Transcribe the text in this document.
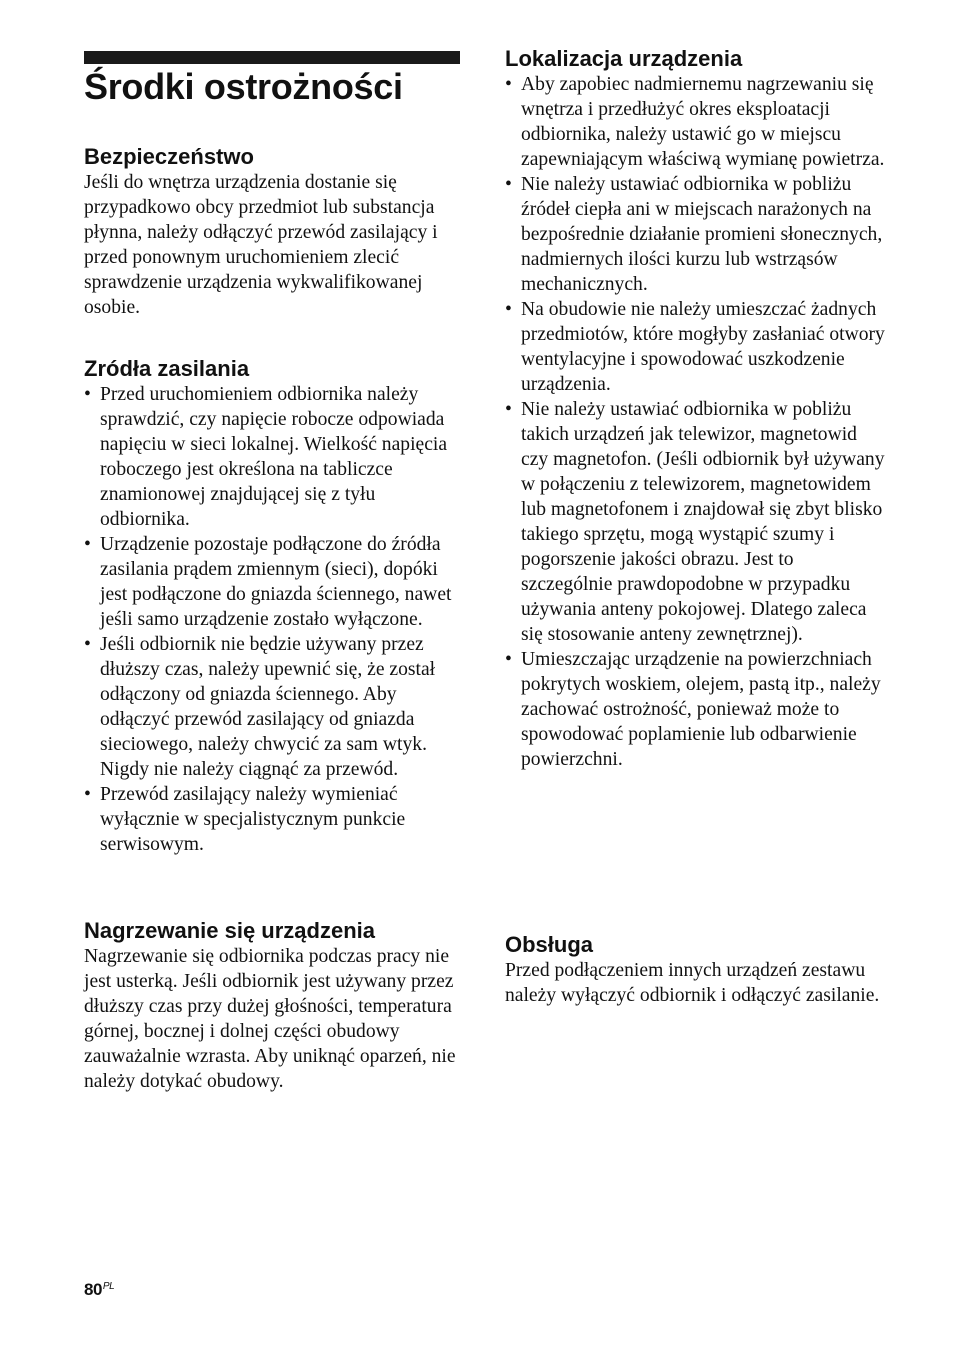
Środki ostrożności
Bezpieczeństwo

Jeśli do wnętrza urządzenia dostanie się przypadkowo obcy przedmiot lub substancja płynna, należy odłączyć przewód zasilający i przed ponownym uruchomieniem zlecić sprawdzenie urządzenia wykwalifikowanej osobie.

Zródła zasilania
• Przed uruchomieniem odbiornika należy sprawdzić, czy napięcie robocze odpowiada napięciu w sieci lokalnej. Wielkość napięcia roboczego jest określona na tabliczce znamionowej znajdującej się z tyłu odbiornika.
• Urządzenie pozostaje podłączone do źródła zasilania prądem zmiennym (sieci), dopóki jest podłączone do gniazda ściennego, nawet jeśli samo urządzenie zostało wyłączone.
• Jeśli odbiornik nie będzie używany przez dłuższy czas, należy upewnić się, że został odłączony od gniazda ściennego. Aby odłączyć przewód zasilający od gniazda sieciowego, należy chwycić za sam wtyk. Nigdy nie należy ciągnąć za przewód.
• Przewód zasilający należy wymieniać wyłącznie w specjalistycznym punkcie serwisowym.
Nagrzewanie się urządzenia

Nagrzewanie się odbiornika podczas pracy nie jest usterką. Jeśli odbiornik jest używany przez dłuższy czas przy dużej głośności, temperatura górnej, bocznej i dolnej części obudowy zauważalnie wzrasta. Aby uniknąć oparzeń, nie należy dotykać obudowy.

Lokalizacja urządzenia
• Aby zapobiec nadmiernemu nagrzewaniu się wnętrza i przedłużyć okres eksploatacji odbiornika, należy ustawić go w miejscu zapewniającym właściwą wymianę powietrza.
• Nie należy ustawiać odbiornika w pobliżu źródeł ciepła ani w miejscach narażonych na bezpośrednie działanie promieni słonecznych, nadmiernych ilości kurzu lub wstrząsów mechanicznych.
• Na obudowie nie należy umieszczać żadnych przedmiotów, które mogłyby zasłaniać otwory wentylacyjne i spowodować uszkodzenie urządzenia.
• Nie należy ustawiać odbiornika w pobliżu takich urządzeń jak telewizor, magnetowid czy magnetofon. (Jeśli odbiornik był używany w połączeniu z telewizorem, magnetowidem lub magnetofonem i znajdował się zbyt blisko takiego sprzętu, mogą wystąpić szumy i pogorszenie jakości obrazu. Jest to szczególnie prawdopodobne w przypadku używania anteny pokojowej. Dlatego zaleca się stosowanie anteny zewnętrznej).
• Umieszczając urządzenie na powierzchniach pokrytych woskiem, olejem, pastą itp., należy zachować ostrożność, ponieważ może to spowodować poplamienie lub odbarwienie powierzchni.
Obsługa

Przed podłączeniem innych urządzeń zestawu należy wyłączyć odbiornik i odłączyć zasilanie.

$80^{PL}$
